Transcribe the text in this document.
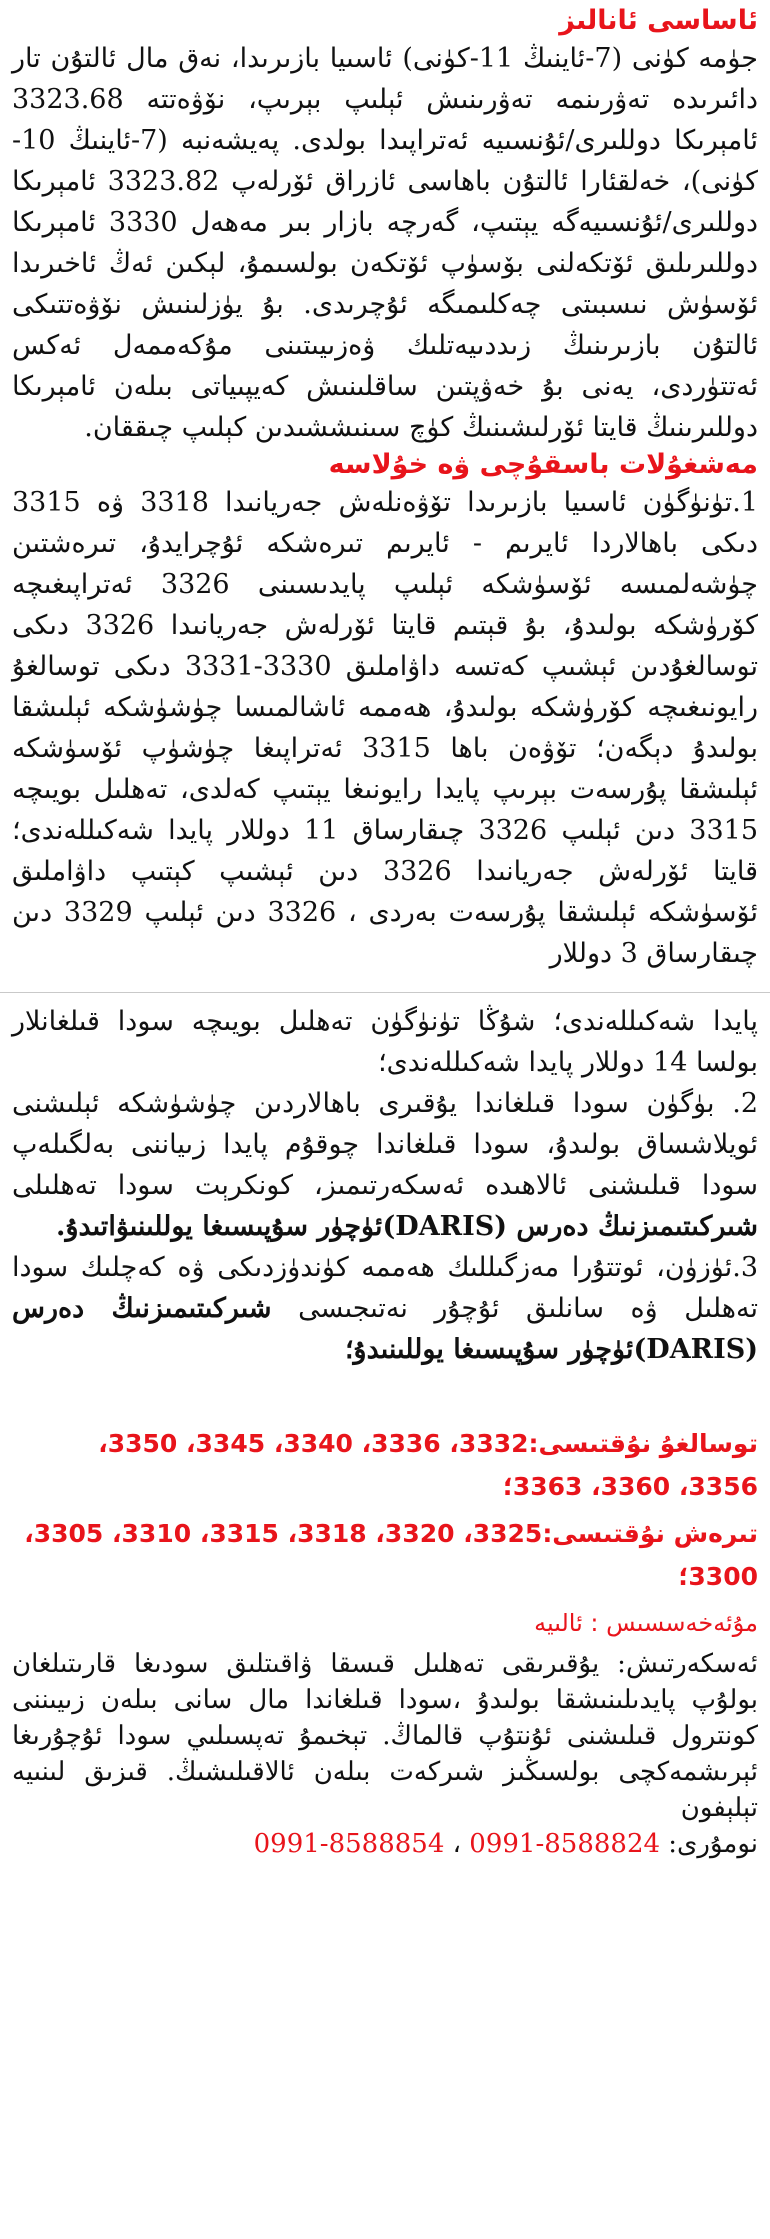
ئاساسى ئانالىز

جۈمە كۈنى (7-ئاينىڭ 11-كۈنى) ئاسىيا بازىرىدا، نەق مال ئالتۇن تار دائىرىدە تەۋرىنمە تەۋرىنىش ئېلىپ بېرىپ، نۆۋەتتە 3323.68 ئامېرىكا دوللىرى/ئۇنسىيە ئەتراپىدا بولدى. پەيشەنبە (7-ئاينىڭ 10-كۈنى)، خەلقئارا ئالتۇن باھاسى ئازراق ئۆرلەپ 3323.82 ئامېرىكا دوللىرى/ئۇنسىيەگە يېتىپ، گەرچە بازار بىر مەھەل 3330 ئامېرىكا دوللىرىلىق ئۆتكەلنى بۆسۈپ ئۆتكەن بولسىمۇ، لېكىن ئەڭ ئاخىرىدا ئۆسۈش نىسبىتى چەكلىمىگە ئۇچرىدى. بۇ يۈزلىنىش نۆۋەتتىكى ئالتۇن بازىرىنىڭ زىددىيەتلىك ۋەزىيىتىنى مۇكەممەل ئەكس ئەتتۈردى، يەنى بۇ خەۋپتىن ساقلىنىش كەيپىياتى بىلەن ئامېرىكا دوللىرىنىڭ قايتا ئۆرلىشىنىڭ كۈچ سىنىششىدىن كېلىپ چىققان.

مەشغۇلات باسقۇچى ۋە خۇلاسە

1.تۈنۈگۈن ئاسىيا بازىرىدا تۆۋەنلەش جەريانىدا 3318 ۋە 3315 دىكى باھالاردا ئايرىم - ئايرىم تىرەشكە ئۇچرايدۇ، تىرەشتىن چۈشەلمىسە ئۆسۈشكە ئېلىپ پايدىسىنى 3326 ئەتراپىغىچە كۆرۈشكە بولىدۇ، بۇ قېتىم قايتا ئۆرلەش جەريانىدا 3326 دىكى توسالغۇدىن ئېشىپ كەتسە داۋاملىق 3330-3331 دىكى توسالغۇ رايونىغىچە كۆرۈشكە بولىدۇ، ھەممە ئاشالمىسا چۈشۈشكە ئېلىشقا بولىدۇ دېگەن؛ تۆۋەن باھا 3315 ئەتراپىغا چۈشۈپ ئۆسۈشكە ئېلىشقا پۇرسەت بېرىپ پايدا رايونىغا يېتىپ كەلدى، تەھلىل بويىچە 3315 دىن ئېلىپ 3326 چىقارساق 11 دوللار پايدا شەكىللەندى؛ قايتا ئۆرلەش جەريانىدا 3326 دىن ئېشىپ كېتىپ داۋاملىق ئۆسۈشكە ئېلىشقا پۇرسەت بەردى ، 3326 دىن ئېلىپ 3329 دىن چىقارساق 3 دوللار

پايدا شەكىللەندى؛ شۇڭا تۈنۈگۈن تەھلىل بويىچە سودا قىلغانلار بولسا 14 دوللار پايدا شەكىللەندى؛

2. بۈگۈن سودا قىلغاندا يۇقىرى باھالاردىن چۈشۈشكە ئېلىشنى ئويلاشساق بولىدۇ، سودا قىلغاندا چوقۇم پايدا زىياننى بەلگىلەپ سودا قىلىشنى ئالاھىدە ئەسكەرتىمىز، كونكرېت سودا تەھلىلى شىركىتىمىزنىڭ دەرس (DARIS)ئۈچۈر سۇپىسىغا يوللىنىۋاتىدۇ.

3.ئۈزۈن، ئوتتۇرا مەزگىللىك ھەممە كۈندۈزدىكى ۋە كەچلىك سودا تەھلىل ۋە سانلىق ئۇچۇر نەتىجىسى شىركىتىمىزنىڭ دەرس (DARIS)ئۈچۈر سۇپىسىغا يوللىنىدۇ؛

توسالغۇ نۇقتىسى:3332، 3336، 3340، 3345، 3350، 3356، 3360، 3363؛

تىرەش نۇقتىسى:3325، 3320، 3318، 3315، 3310، 3305، 3300؛

مۇئەخەسسىس : ئالىيە

ئەسكەرتىش: يۇقىرىقى تەھلىل قىسقا ۋاقىتلىق سودىغا قارىتىلغان بولۇپ پايدىلىنىشقا بولىدۇ ،سودا قىلغاندا مال سانى بىلەن زىيىننى كونترول قىلىشنى ئۇنتۇپ قالماڭ. تېخىمۇ تەپسىلىي سودا ئۇچۇرىغا ئېرىشمەكچى بولسىڭىز شىركەت بىلەن ئالاقىلىشىڭ. قىزىق لىنىيە تېلېفون

نومۇرى: 0991-8588854 ، 0991-8588824
